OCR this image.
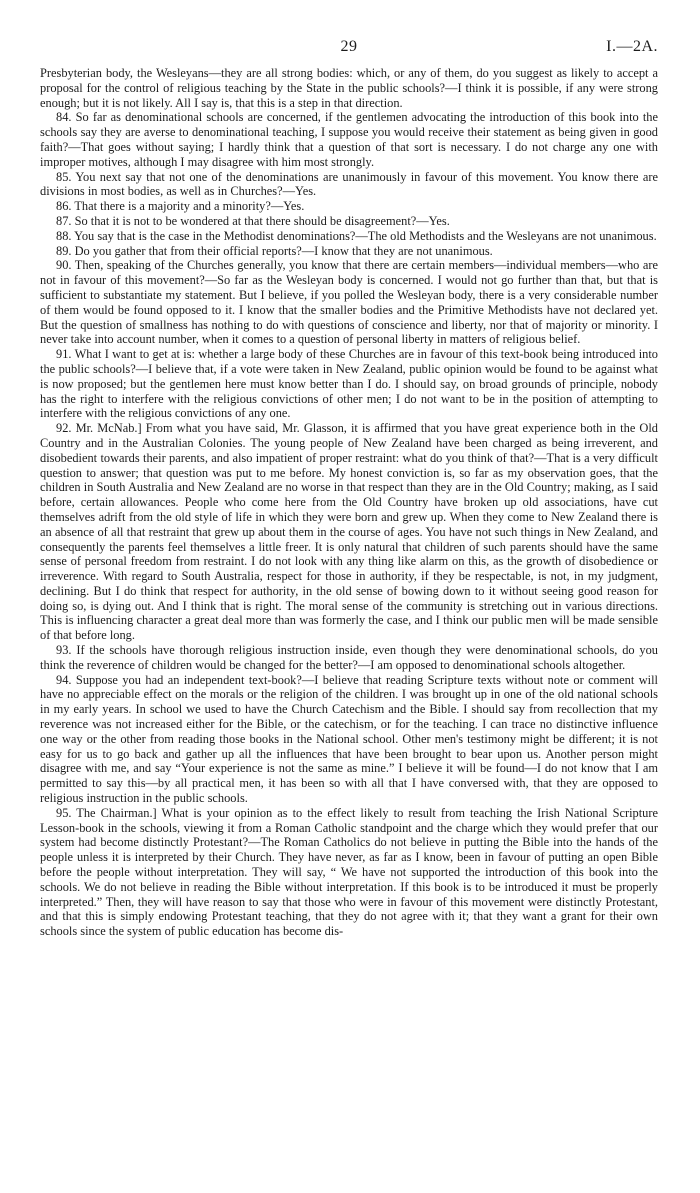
29	I.—2A.

Presbyterian body, the Wesleyans—they are all strong bodies: which, or any of them, do you suggest as likely to accept a proposal for the control of religious teaching by the State in the public schools?—I think it is possible, if any were strong enough; but it is not likely. All I say is, that this is a step in that direction.

84. So far as denominational schools are concerned, if the gentlemen advocating the introduction of this book into the schools say they are averse to denominational teaching, I suppose you would receive their statement as being given in good faith?—That goes without saying; I hardly think that a question of that sort is necessary. I do not charge any one with improper motives, although I may disagree with him most strongly.

85. You next say that not one of the denominations are unanimously in favour of this movement. You know there are divisions in most bodies, as well as in Churches?—Yes.

86. That there is a majority and a minority?—Yes.

87. So that it is not to be wondered at that there should be disagreement?—Yes.

88. You say that is the case in the Methodist denominations?—The old Methodists and the Wesleyans are not unanimous.

89. Do you gather that from their official reports?—I know that they are not unanimous.

90. Then, speaking of the Churches generally, you know that there are certain members—individual members—who are not in favour of this movement?—So far as the Wesleyan body is concerned. I would not go further than that, but that is sufficient to substantiate my statement. But I believe, if you polled the Wesleyan body, there is a very considerable number of them would be found opposed to it. I know that the smaller bodies and the Primitive Methodists have not declared yet. But the question of smallness has nothing to do with questions of conscience and liberty, nor that of majority or minority. I never take into account number, when it comes to a question of personal liberty in matters of religious belief.

91. What I want to get at is: whether a large body of these Churches are in favour of this text-book being introduced into the public schools?—I believe that, if a vote were taken in New Zealand, public opinion would be found to be against what is now proposed; but the gentlemen here must know better than I do. I should say, on broad grounds of principle, nobody has the right to interfere with the religious convictions of other men; I do not want to be in the position of attempting to interfere with the religious convictions of any one.

92. Mr. McNab.] From what you have said, Mr. Glasson, it is affirmed that you have great experience both in the Old Country and in the Australian Colonies. The young people of New Zealand have been charged as being irreverent, and disobedient towards their parents, and also impatient of proper restraint: what do you think of that?—That is a very difficult question to answer; that question was put to me before. My honest conviction is, so far as my observation goes, that the children in South Australia and New Zealand are no worse in that respect than they are in the Old Country; making, as I said before, certain allowances. People who come here from the Old Country have broken up old associations, have cut themselves adrift from the old style of life in which they were born and grew up. When they come to New Zealand there is an absence of all that restraint that grew up about them in the course of ages. You have not such things in New Zealand, and consequently the parents feel themselves a little freer. It is only natural that children of such parents should have the same sense of personal freedom from restraint. I do not look with any thing like alarm on this, as the growth of disobedience or irreverence. With regard to South Australia, respect for those in authority, if they be respectable, is not, in my judgment, declining. But I do think that respect for authority, in the old sense of bowing down to it without seeing good reason for doing so, is dying out. And I think that is right. The moral sense of the community is stretching out in various directions. This is influencing character a great deal more than was formerly the case, and I think our public men will be made sensible of that before long.

93. If the schools have thorough religious instruction inside, even though they were denominational schools, do you think the reverence of children would be changed for the better?—I am opposed to denominational schools altogether.

94. Suppose you had an independent text-book?—I believe that reading Scripture texts without note or comment will have no appreciable effect on the morals or the religion of the children. I was brought up in one of the old national schools in my early years. In school we used to have the Church Catechism and the Bible. I should say from recollection that my reverence was not increased either for the Bible, or the catechism, or for the teaching. I can trace no distinctive influence one way or the other from reading those books in the National school. Other men's testimony might be different; it is not easy for us to go back and gather up all the influences that have been brought to bear upon us. Another person might disagree with me, and say “Your experience is not the same as mine.” I believe it will be found—I do not know that I am permitted to say this—by all practical men, it has been so with all that I have conversed with, that they are opposed to religious instruction in the public schools.

95. The Chairman.] What is your opinion as to the effect likely to result from teaching the Irish National Scripture Lesson-book in the schools, viewing it from a Roman Catholic standpoint and the charge which they would prefer that our system had become distinctly Protestant?—The Roman Catholics do not believe in putting the Bible into the hands of the people unless it is interpreted by their Church. They have never, as far as I know, been in favour of putting an open Bible before the people without interpretation. They will say, “ We have not supported the introduction of this book into the schools. We do not believe in reading the Bible without interpretation. If this book is to be introduced it must be properly interpreted.” Then, they will have reason to say that those who were in favour of this movement were distinctly Protestant, and that this is simply endowing Protestant teaching, that they do not agree with it; that they want a grant for their own schools since the system of public education has become dis-
